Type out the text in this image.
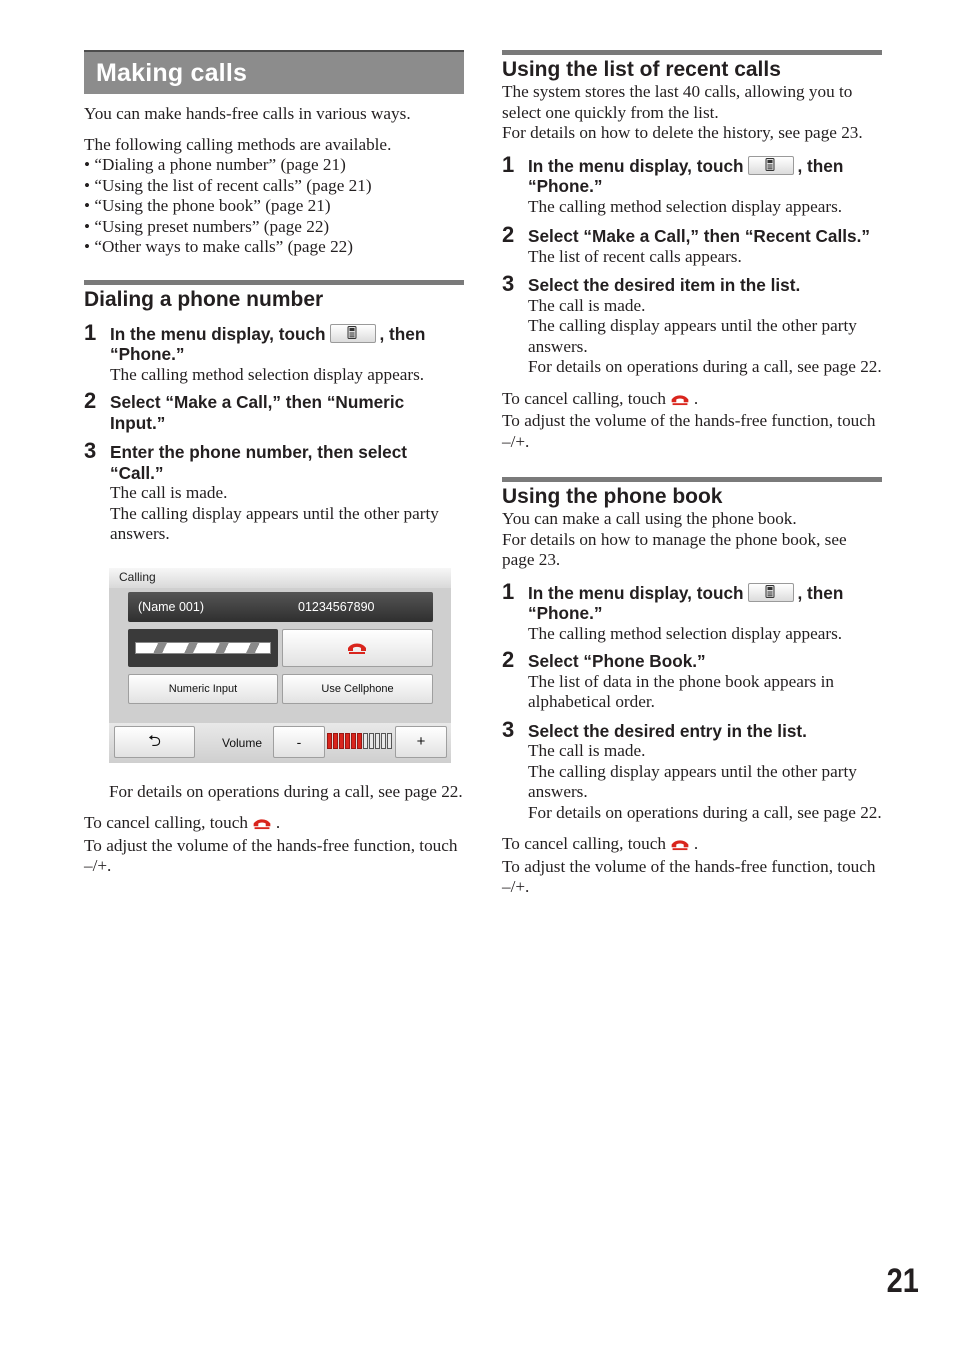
Making calls
You can make hands-free calls in various ways.
The following calling methods are available.
• “Dialing a phone number” (page 21)
• “Using the list of recent calls” (page 21)
• “Using the phone book” (page 21)
• “Using preset numbers” (page 22)
• “Other ways to make calls” (page 22)
Dialing a phone number
1 In the menu display, touch	, then “Phone.”
The calling method selection display appears.
2 Select “Make a Call,” then “Numeric Input.”
3 Enter the phone number, then select “Call.”
The call is made.
The calling display appears until the other party answers.
Calling
(Name 001)	01234567890
Numeric Input	Use Cellphone
⮌	Volume	-	+
For details on operations during a call, see page 22.
To cancel calling, touch .
To adjust the volume of the hands-free function, touch –/+.
Using the list of recent calls
The system stores the last 40 calls, allowing you to select one quickly from the list.
For details on how to delete the history, see page 23.
1 In the menu display, touch	, then “Phone.”
The calling method selection display appears.
2 Select “Make a Call,” then “Recent Calls.”
The list of recent calls appears.
3 Select the desired item in the list.
The call is made.
The calling display appears until the other party answers.
For details on operations during a call, see page 22.
To cancel calling, touch .
To adjust the volume of the hands-free function, touch –/+.
Using the phone book
You can make a call using the phone book.
For details on how to manage the phone book, see page 23.
1 In the menu display, touch	, then “Phone.”
The calling method selection display appears.
2 Select “Phone Book.”
The list of data in the phone book appears in alphabetical order.
3 Select the desired entry in the list.
The call is made.
The calling display appears until the other party answers.
For details on operations during a call, see page 22.
To cancel calling, touch .
To adjust the volume of the hands-free function, touch –/+.
21
